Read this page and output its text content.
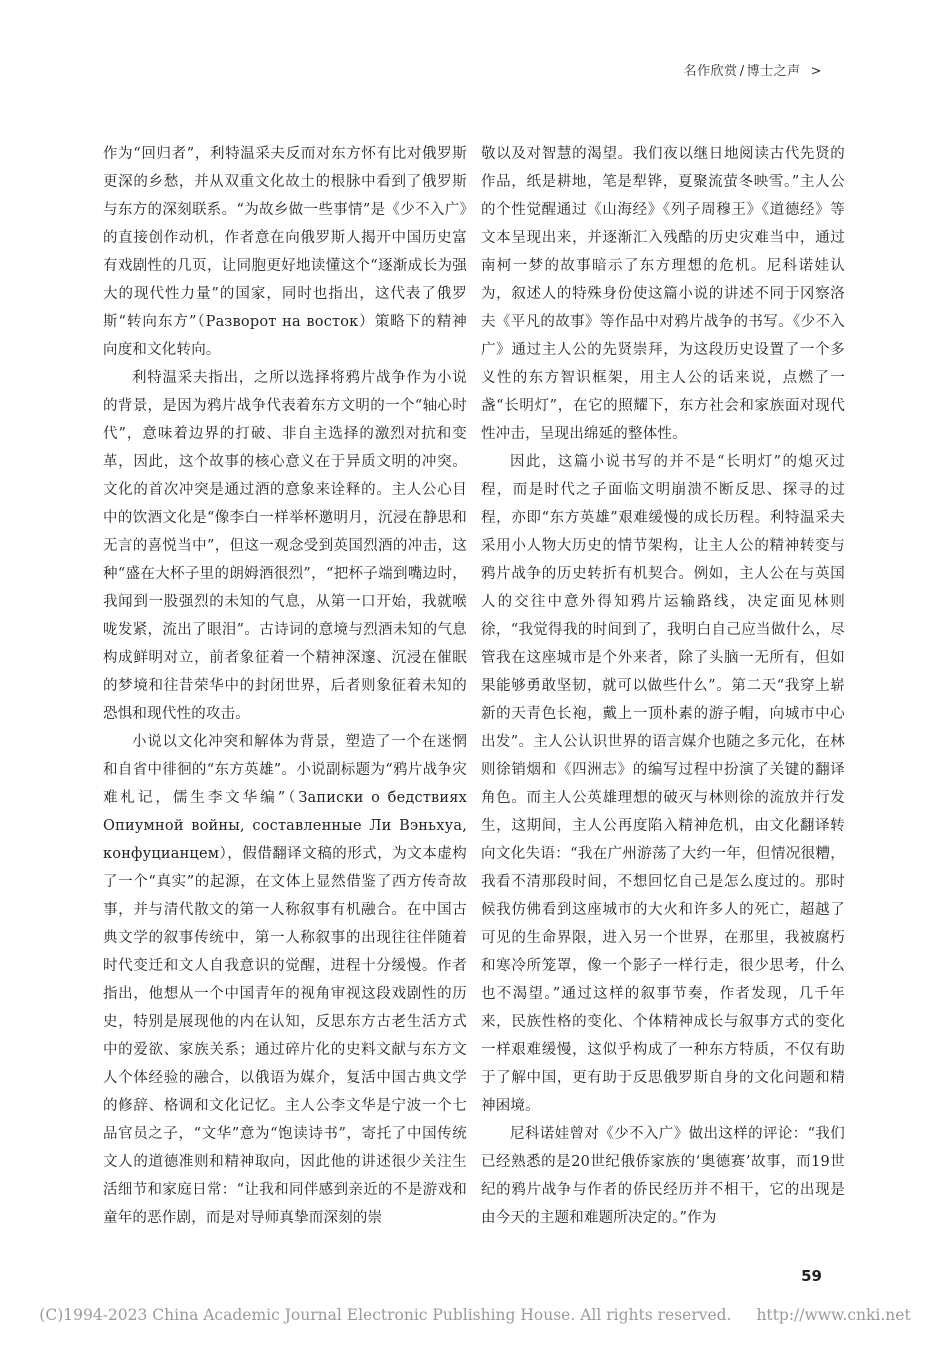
名作欣赏 / 博士之声 >

作为“回归者”，利特温采夫反而对东方怀有比对俄罗斯更深的乡愁，并从双重文化故土的根脉中看到了俄罗斯与东方的深刻联系。“为故乡做一些事情”是《少不入广》的直接创作动机，作者意在向俄罗斯人揭开中国历史富有戏剧性的几页，让同胞更好地读懂这个“逐渐成长为强大的现代性力量”的国家，同时也指出，这代表了俄罗斯“转向东方”（Разворот на восток）策略下的精神向度和文化转向。

利特温采夫指出，之所以选择将鸦片战争作为小说的背景，是因为鸦片战争代表着东方文明的一个“轴心时代”，意味着边界的打破、非自主选择的激烈对抗和变革，因此，这个故事的核心意义在于异质文明的冲突。文化的首次冲突是通过酒的意象来诠释的。主人公心目中的饮酒文化是“像李白一样举杯邀明月，沉浸在静思和无言的喜悦当中”，但这一观念受到英国烈酒的冲击，这种“盛在大杯子里的朗姆酒很烈”，“把杯子端到嘴边时，我闻到一股强烈的未知的气息，从第一口开始，我就喉咙发紧，流出了眼泪”。古诗词的意境与烈酒未知的气息构成鲜明对立，前者象征着一个精神深邃、沉浸在催眠的梦境和往昔荣华中的封闭世界，后者则象征着未知的恐惧和现代性的攻击。

小说以文化冲突和解体为背景，塑造了一个在迷惘和自省中徘徊的“东方英雄”。小说副标题为“鸦片战争灾难札记，儒生李文华编”（Записки о бедствиях Опиумной войны, составленные Ли Вэньхуа, конфуцианцем），假借翻译文稿的形式，为文本虚构了一个“真实”的起源，在文体上显然借鉴了西方传奇故事，并与清代散文的第一人称叙事有机融合。在中国古典文学的叙事传统中，第一人称叙事的出现往往伴随着时代变迁和文人自我意识的觉醒，进程十分缓慢。作者指出，他想从一个中国青年的视角审视这段戏剧性的历史，特别是展现他的内在认知，反思东方古老生活方式中的爱欲、家族关系；通过碎片化的史料文献与东方文人个体经验的融合，以俄语为媒介，复活中国古典文学的修辞、格调和文化记忆。主人公李文华是宁波一个七品官员之子，“文华”意为“饱读诗书”，寄托了中国传统文人的道德准则和精神取向，因此他的讲述很少关注生活细节和家庭日常：“让我和同伴感到亲近的不是游戏和童年的恶作剧，而是对导师真挚而深刻的崇

敬以及对智慧的渴望。我们夜以继日地阅读古代先贤的作品，纸是耕地，笔是犁铧，夏聚流萤冬映雪。”主人公的个性觉醒通过《山海经》《列子周穆王》《道德经》等文本呈现出来，并逐渐汇入残酷的历史灾难当中，通过南柯一梦的故事暗示了东方理想的危机。尼科诺娃认为，叙述人的特殊身份使这篇小说的讲述不同于冈察洛夫《平凡的故事》等作品中对鸦片战争的书写。《少不入广》通过主人公的先贤崇拜，为这段历史设置了一个多义性的东方智识框架，用主人公的话来说，点燃了一盏“长明灯”，在它的照耀下，东方社会和家族面对现代性冲击，呈现出绵延的整体性。

因此，这篇小说书写的并不是“长明灯”的熄灭过程，而是时代之子面临文明崩溃不断反思、探寻的过程，亦即“东方英雄”艰难缓慢的成长历程。利特温采夫采用小人物大历史的情节架构，让主人公的精神转变与鸦片战争的历史转折有机契合。例如，主人公在与英国人的交往中意外得知鸦片运输路线，决定面见林则徐，“我觉得我的时间到了，我明白自己应当做什么，尽管我在这座城市是个外来者，除了头脑一无所有，但如果能够勇敢坚韧，就可以做些什么”。第二天“我穿上崭新的天青色长袍，戴上一顶朴素的游子帽，向城市中心出发”。主人公认识世界的语言媒介也随之多元化，在林则徐销烟和《四洲志》的编写过程中扮演了关键的翻译角色。而主人公英雄理想的破灭与林则徐的流放并行发生，这期间，主人公再度陷入精神危机，由文化翻译转向文化失语：“我在广州游荡了大约一年，但情况很糟，我看不清那段时间，不想回忆自己是怎么度过的。那时候我仿佛看到这座城市的大火和许多人的死亡，超越了可见的生命界限，进入另一个世界，在那里，我被腐朽和寒冷所笼罩，像一个影子一样行走，很少思考，什么也不渴望。”通过这样的叙事节奏，作者发现，几千年来，民族性格的变化、个体精神成长与叙事方式的变化一样艰难缓慢，这似乎构成了一种东方特质，不仅有助于了解中国，更有助于反思俄罗斯自身的文化问题和精神困境。

尼科诺娃曾对《少不入广》做出这样的评论：“我们已经熟悉的是20世纪俄侨家族的‘奥德赛’故事，而19世纪的鸦片战争与作者的侨民经历并不相干，它的出现是由今天的主题和难题所决定的。”作为

59
(C)1994-2023 China Academic Journal Electronic Publishing House. All rights reserved. http://www.cnki.net
